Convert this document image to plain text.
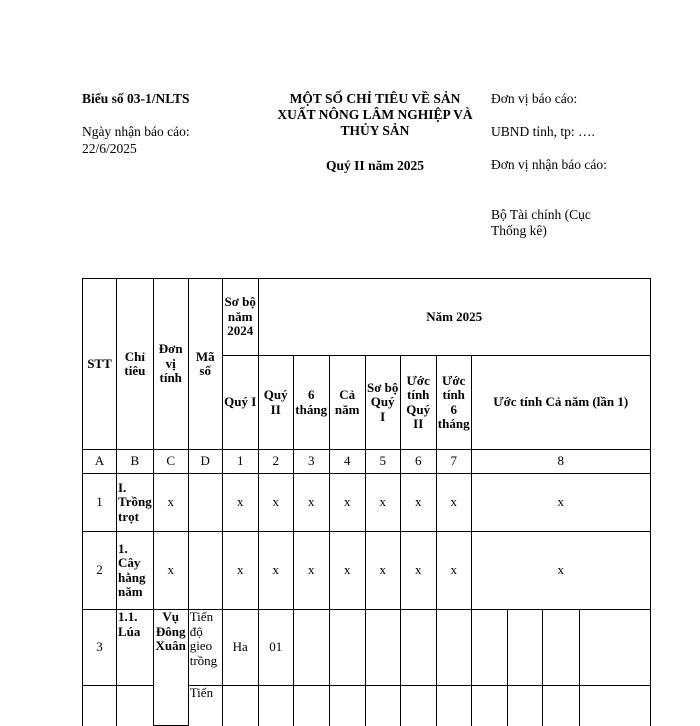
Biểu số 03-1/NLTS
Ngày nhận báo cáo:
22/6/2025
MỘT SỐ CHỈ TIÊU VỀ SẢN
XUẤT NÔNG LÂM NGHIỆP VÀ
THỦY SẢN
Quý II năm 2025
Đơn vị báo cáo:
UBND tỉnh, tp: ….
Đơn vị nhận báo cáo:
Bộ Tài chính (Cục Thống kê)
STT	Chỉ tiêu	Đơn vị tính	Mã số	Sơ bộ năm 2024	Năm 2025									
				Quý I	Quý II	6 tháng	Cả năm	Sơ bộ Quý I	Ước tính Quý II	Ước tính 6 tháng	Ước tính Cả năm (lần 1)			
A	B	C	D	1	2	3	4	5	6	7	8			
1	I. Trồng trọt	x		x	x	x	x	x	x	x	x			
2	1. Cây hằng năm	x		x	x	x	x	x	x	x	x			
3	1.1. Lúa	Vụ Đông Xuân	Tiến độ gieo trồng	Ha	01									
			Tiến											
